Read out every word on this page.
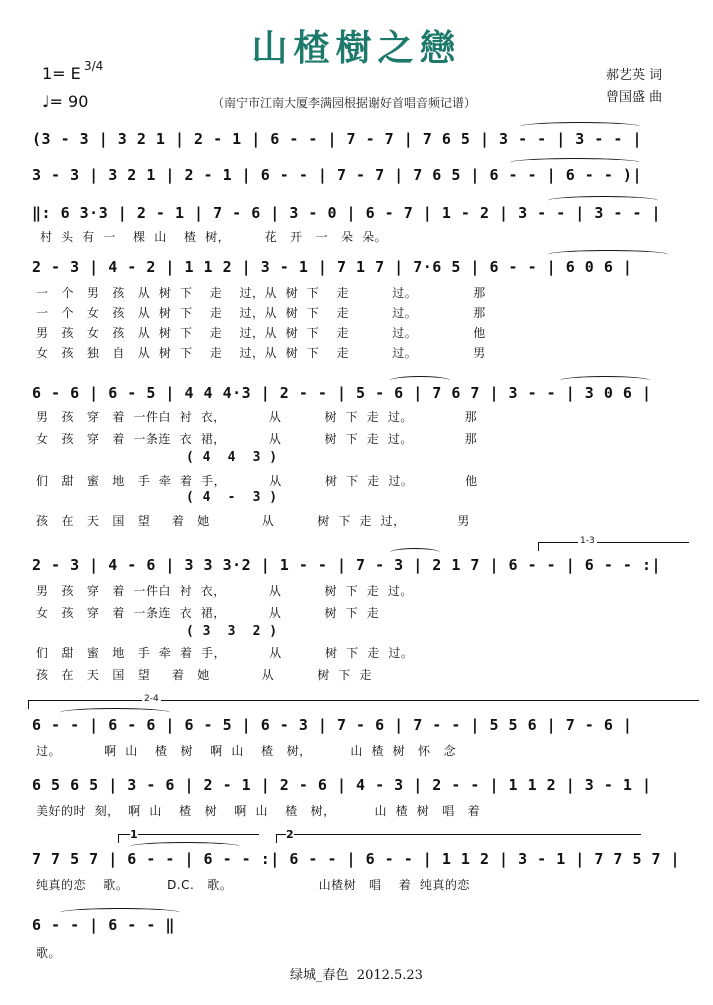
山楂樹之戀
1= E 3/4
♩= 90	（南宁市江南大厦李满园根据谢好首唱音频记谱）
郝艺英 词
曾国盛 曲
(3 - 3 | 3 2 1 | 2 - 1 | 6 - - | 7 - 7 | 7 6 5 | 3 - - | 3 - - |
3 - 3 | 3 2 1 | 2 - 1 | 6 - - | 7 - 7 | 7 6 5 | 6 - - | 6 - - )|
‖: 6 3·3 | 2 - 1 | 7 - 6 | 3 - 0 | 6 - 7 | 1 - 2 | 3 - - | 3 - - |
2 - 3 | 4 - 2 | 1 1 2 | 3 - 1 | 7 1 7 | 7·6 5 | 6 - - | 6 0 6 |
6 - 6 | 6 - 5 | 4 4 4·3 | 2 - - | 5 - 6 | 7 6 7 | 3 - - | 3 0 6 |
2 - 3 | 4 - 6 | 3 3 3·2 | 1 - - | 7 - 3 | 2 1 7 | 6 - - | 6 - - :|
6 - - | 6 - 6 | 6 - 5 | 6 - 3 | 7 - 6 | 7 - - | 5 5 6 | 7 - 6 |
6 5 6 5 | 3 - 6 | 2 - 1 | 2 - 6 | 4 - 3 | 2 - - | 1 1 2 | 3 - 1 |
7 7 5 7 | 6 - - | 6 - - :| 6 - - | 6 - - | 1 1 2 | 3 - 1 | 7 7 5 7 |
6 - - | 6 - - ‖
村  头  有  一    棵  山    楂  树，        花   开   一   朵  朵。
一   个   男   孩   从  树  下    走    过，从  树  下    走          过。             那
一   个   女   孩   从  树  下    走    过，从  树  下    走          过。             那
男   孩   女   孩   从  树  下    走    过，从  树  下    走          过。             他
女   孩   独   自   从  树  下    走    过，从  树  下    走          过。             男
男   孩   穿   着  一件白  衬  衣，          从          树  下  走  过。            那
女   孩   穿   着  一条连  衣  裙，          从          树  下  走  过。            那
( 4  4  3 )
们   甜   蜜   地   手  牵  着  手，          从          树  下  走  过。            他
( 4  -  3 )
孩   在   天   国   望     着   她            从          树  下  走  过，            男
1-3
男   孩   穿   着  一件白  衬  衣，          从          树  下  走  过。
女   孩   穿   着  一条连  衣  裙，          从          树  下  走
( 3  3  2 )
们   甜   蜜   地   手  牵  着  手，          从          树  下  走  过。
孩   在   天   国   望     着   她            从          树  下  走
2-4
过。          啊  山    楂   树    啊  山    楂   树，         山  楂  树   怀   念
美好的时  刻，  啊  山    楂   树    啊  山    楂   树，         山  楂  树   唱   着
1	2
纯真的恋    歌。         D.C.   歌。                    山楂树   唱    着  纯真的恋
歌。
绿城_春色  2012.5.23
